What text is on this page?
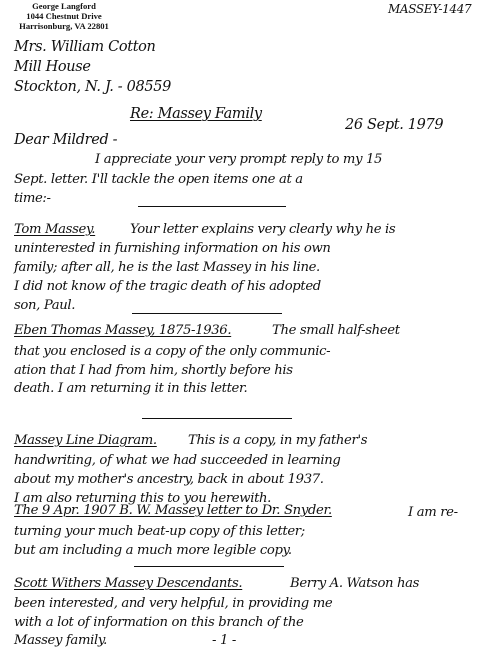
George Langford
1044 Chestnut Drive
Harrisonburg, VA 22801
MASSEY-1447
Mrs. William Cotton
Mill House
Stockton, N. J. - 08559
Re: Massey Family
26 Sept. 1979
Dear Mildred -
I appreciate your very prompt reply to my 15
Sept. letter. I'll tackle the open items one at a
time:-
Tom Massey.	Your letter explains very clearly why he is
uninterested in furnishing information on his own
family; after all, he is the last Massey in his line.
I did not know of the tragic death of his adopted
son, Paul.
Eben Thomas Massey, 1875-1936.	The small half-sheet
that you enclosed is a copy of the only communic-
ation that I had from him, shortly before his
death. I am returning it in this letter.
Massey Line Diagram. This is a copy, in my father's
handwriting, of what we had succeeded in learning
about my mother's ancestry, back in about 1937.
I am also returning this to you herewith.
The 9 Apr. 1907 B. W. Massey letter to Dr. Snyder.	I am re-
turning your much beat-up copy of this letter;
but am including a much more legible copy.
Scott Withers Massey Descendants.	Berry A. Watson has
been interested, and very helpful, in providing me
with a lot of information on this branch of the
Massey family.	- 1 -
